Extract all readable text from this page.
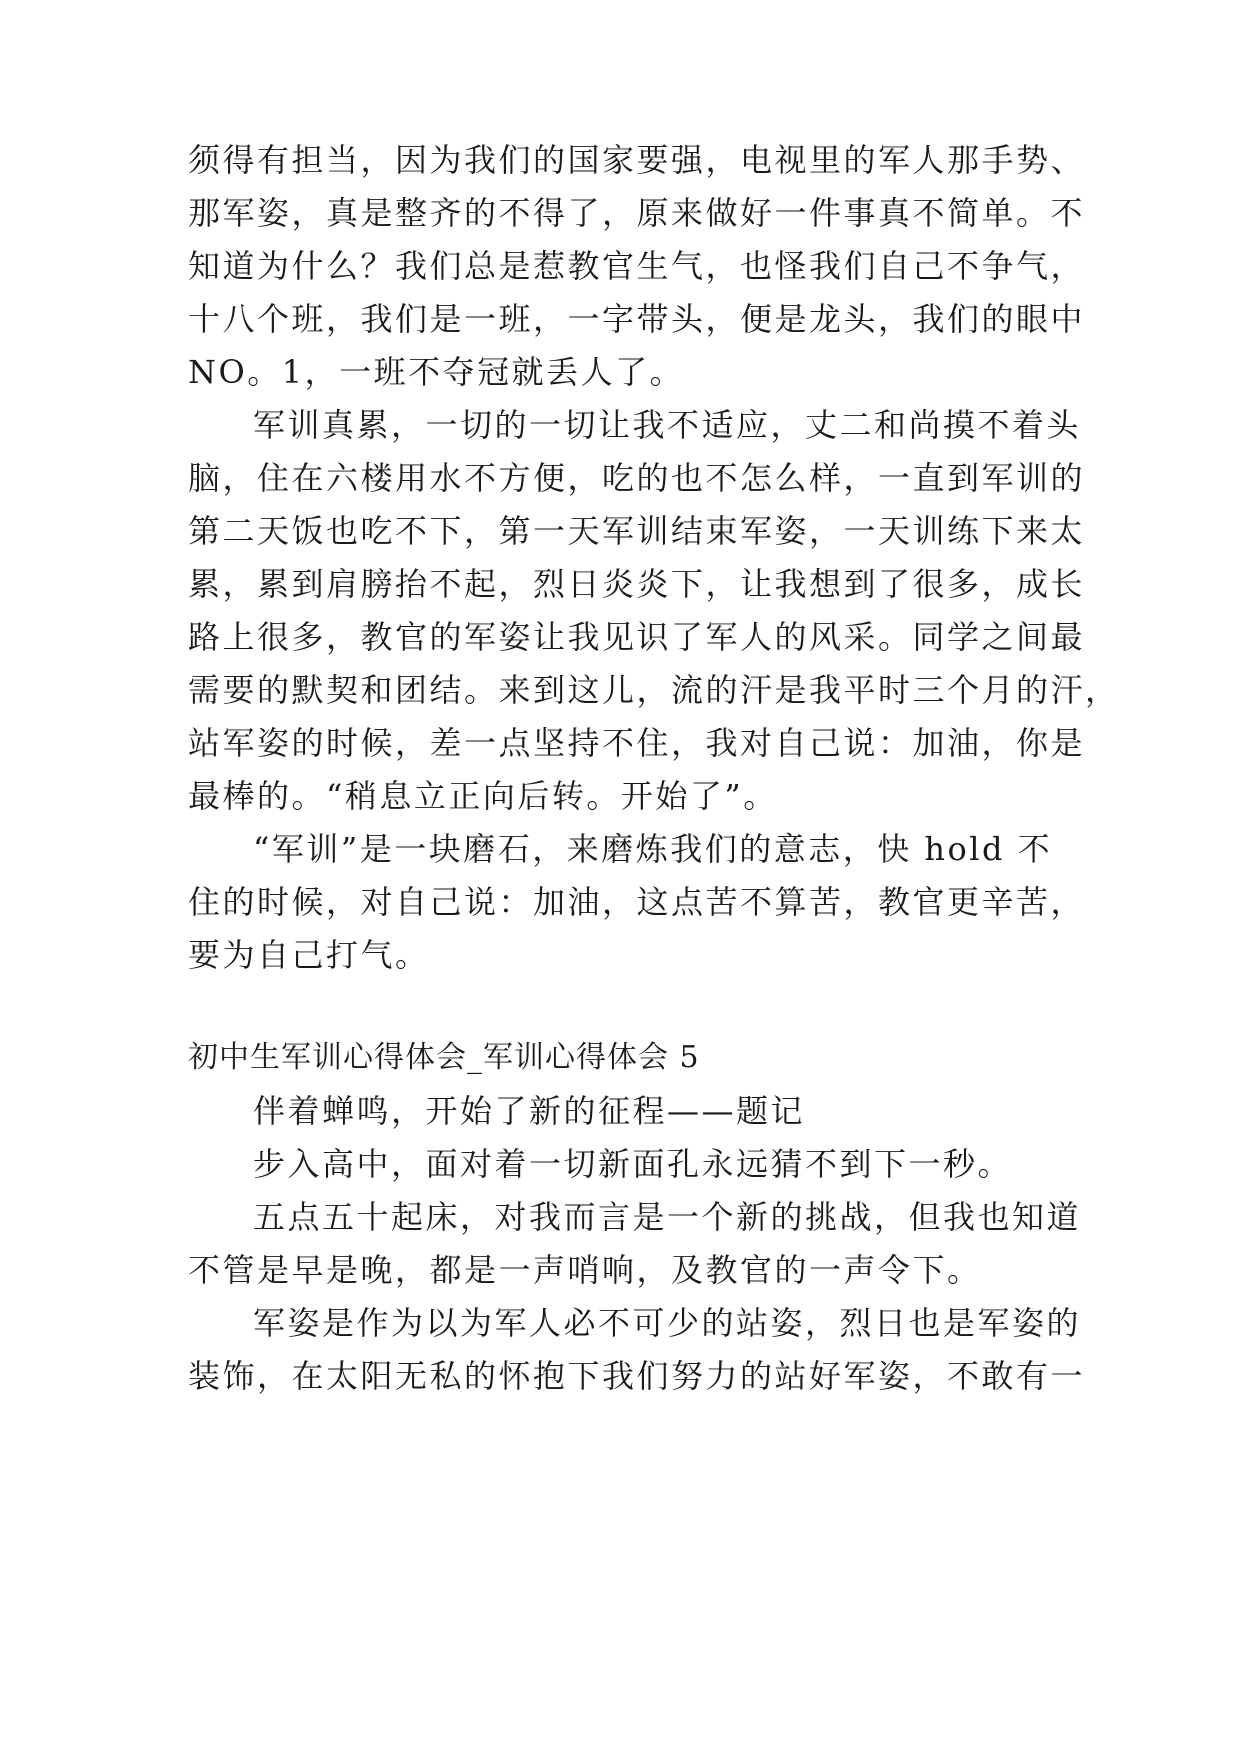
须得有担当，因为我们的国家要强，电视里的军人那手势、

那军姿，真是整齐的不得了，原来做好一件事真不简单。不

知道为什么？我们总是惹教官生气，也怪我们自己不争气，

十八个班，我们是一班，一字带头，便是龙头，我们的眼中

NO。1，一班不夺冠就丢人了。

军训真累，一切的一切让我不适应，丈二和尚摸不着头

脑，住在六楼用水不方便，吃的也不怎么样，一直到军训的

第二天饭也吃不下，第一天军训结束军姿，一天训练下来太

累，累到肩膀抬不起，烈日炎炎下，让我想到了很多，成长

路上很多，教官的军姿让我见识了军人的风采。同学之间最

需要的默契和团结。来到这儿，流的汗是我平时三个月的汗，

站军姿的时候，差一点坚持不住，我对自己说：加油，你是

最棒的。“稍息立正向后转。开始了”。

“军训”是一块磨石，来磨炼我们的意志，快 hold 不

住的时候，对自己说：加油，这点苦不算苦，教官更辛苦，

要为自己打气。

初中生军训心得体会_军训心得体会 5

伴着蝉鸣，开始了新的征程——题记

步入高中，面对着一切新面孔永远猜不到下一秒。

五点五十起床，对我而言是一个新的挑战，但我也知道

不管是早是晚，都是一声哨响，及教官的一声令下。

军姿是作为以为军人必不可少的站姿，烈日也是军姿的

装饰，在太阳无私的怀抱下我们努力的站好军姿，不敢有一
